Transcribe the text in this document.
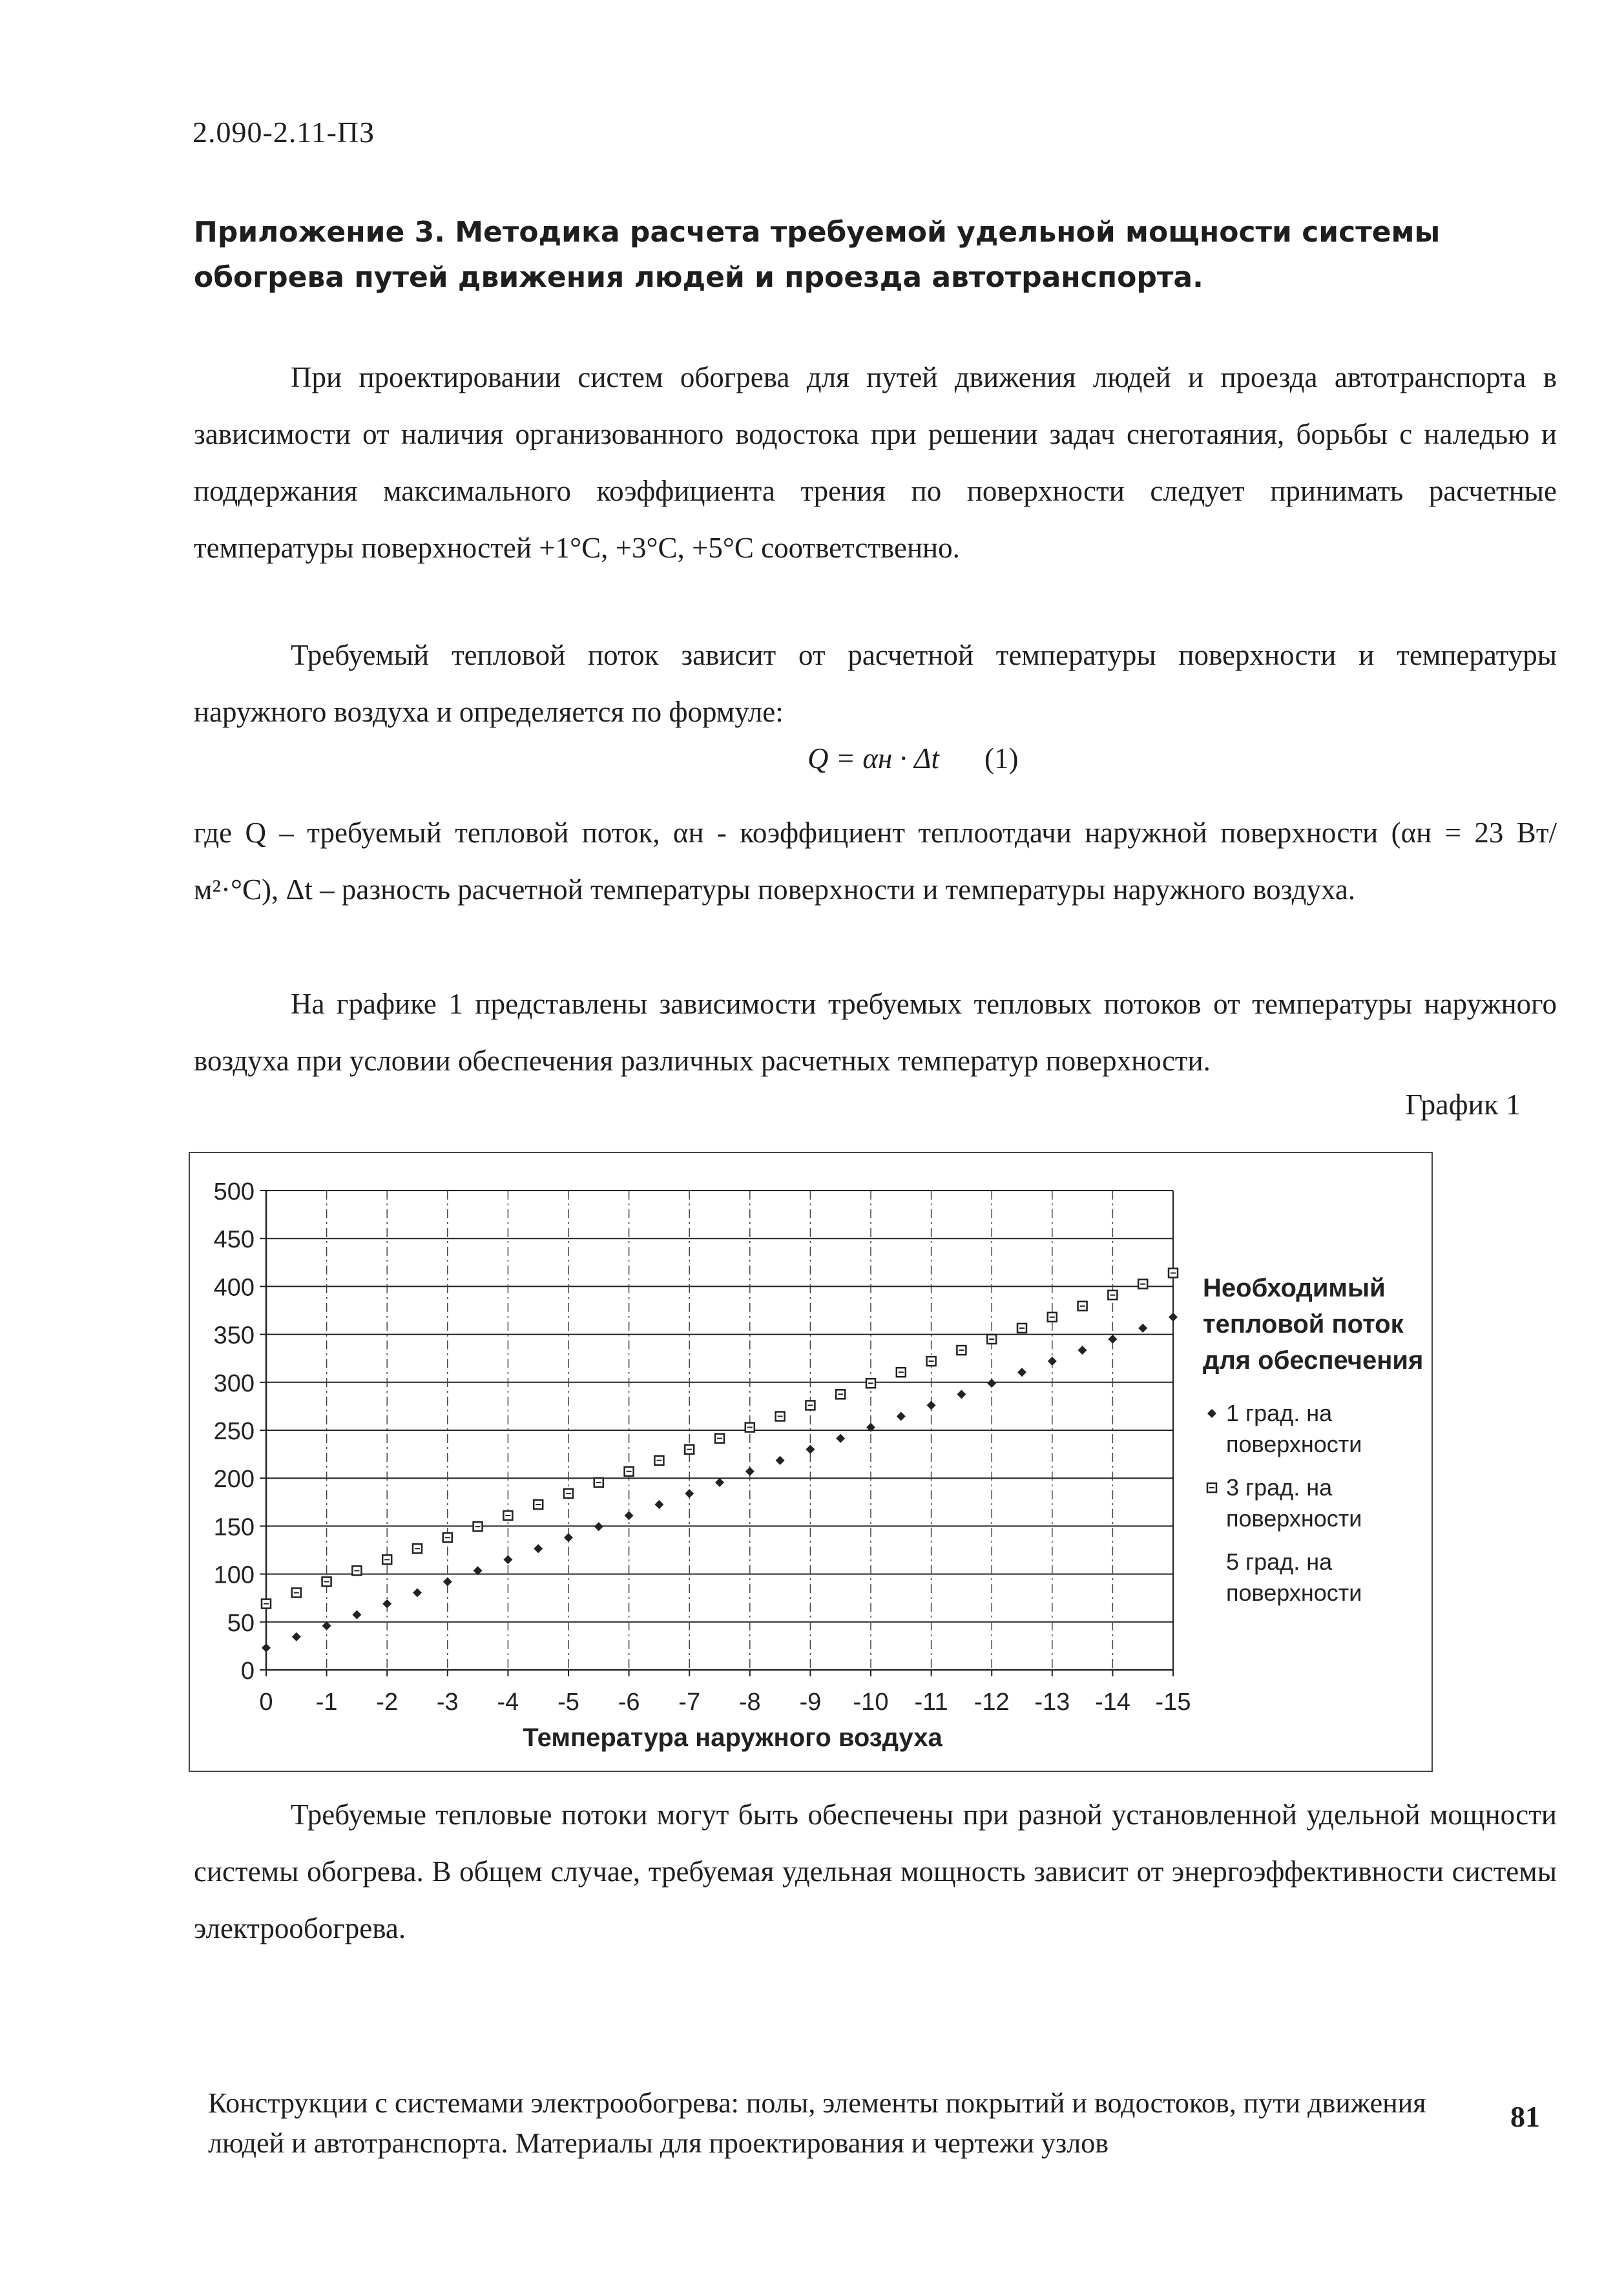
2.090-2.11-ПЗ
Приложение 3. Методика расчета требуемой удельной мощности системы обогрева путей движения людей и проезда автотранспорта.
При проектировании систем обогрева для путей движения людей и проезда автотранспорта в зависимости от наличия организованного водостока при решении задач снеготаяния, борьбы с наледью и поддержания максимального коэффициента трения по поверхности следует принимать расчетные температуры поверхностей +1°С, +3°С, +5°С соответственно.
Требуемый тепловой поток зависит от расчетной температуры поверхности и температуры наружного воздуха и определяется по формуле:
Q = αн · Δt (1)
где Q – требуемый тепловой поток, αн - коэффициент теплоотдачи наружной поверхности (αн = 23 Вт/ м²·°С), Δt – разность расчетной температуры поверхности и температуры наружного воздуха.
На графике 1 представлены зависимости требуемых тепловых потоков от температуры наружного воздуха при условии обеспечения различных расчетных температур поверхности.
График 1
0
50
100
150
200
250
300
350
400
450
500
0 -1 -2 -3 -4 -5 -6 -7 -8 -9 -10 -11 -12 -13 -14 -15
Температура наружного воздуха
Необходимый
тепловой поток
для обеспечения
1 град. на
поверхности
3 град. на
поверхности
5 град. на
поверхности
Требуемые тепловые потоки могут быть обеспечены при разной установленной удельной мощности системы обогрева. В общем случае, требуемая удельная мощность зависит от энергоэффективности системы электрообогрева.
Конструкции с системами электрообогрева: полы, элементы покрытий и водостоков, пути движения людей и автотранспорта. Материалы для проектирования и чертежи узлов
81
